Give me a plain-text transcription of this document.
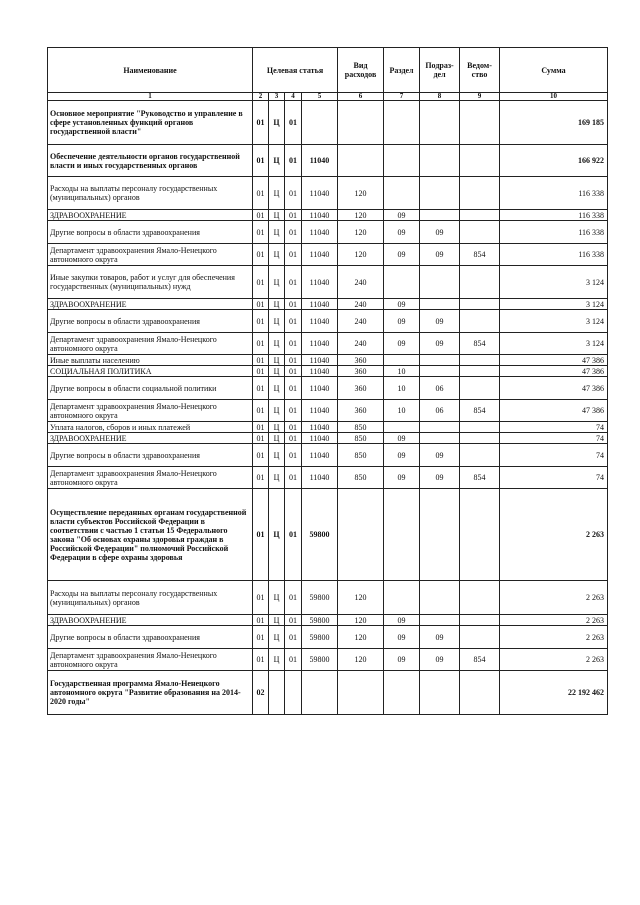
Наименование	Целевая статья				Вид расходов	Раздел	Подраз-дел	Ведом-ство	Сумма
1	2	3	4	5	6	7	8	9	10
Основное мероприятие "Руководство и управление в сфере установленных функций органов государственной власти"	01	Ц	01						169 185
Обеспечение деятельности органов государственной власти и иных государственных органов	01	Ц	01	11040					166 922
Расходы на выплаты персоналу государственных (муниципальных) органов	01	Ц	01	11040	120				116 338
ЗДРАВООХРАНЕНИЕ	01	Ц	01	11040	120	09			116 338
Другие вопросы в области здравоохранения	01	Ц	01	11040	120	09	09		116 338
Департамент здравоохранения Ямало-Ненецкого автономного округа	01	Ц	01	11040	120	09	09	854	116 338
Иные закупки товаров, работ и услуг для обеспечения государственных (муниципальных) нужд	01	Ц	01	11040	240				3 124
ЗДРАВООХРАНЕНИЕ	01	Ц	01	11040	240	09			3 124
Другие вопросы в области здравоохранения	01	Ц	01	11040	240	09	09		3 124
Департамент здравоохранения Ямало-Ненецкого автономного округа	01	Ц	01	11040	240	09	09	854	3 124
Иные выплаты населению	01	Ц	01	11040	360				47 386
СОЦИАЛЬНАЯ ПОЛИТИКА	01	Ц	01	11040	360	10			47 386
Другие вопросы в области социальной политики	01	Ц	01	11040	360	10	06		47 386
Департамент здравоохранения Ямало-Ненецкого автономного округа	01	Ц	01	11040	360	10	06	854	47 386
Уплата налогов, сборов и иных платежей	01	Ц	01	11040	850				74
ЗДРАВООХРАНЕНИЕ	01	Ц	01	11040	850	09			74
Другие вопросы в области здравоохранения	01	Ц	01	11040	850	09	09		74
Департамент здравоохранения Ямало-Ненецкого автономного округа	01	Ц	01	11040	850	09	09	854	74
Осуществление переданных органам государственной власти субъектов Российской Федерации в соответствии с частью 1 статьи 15 Федерального закона "Об основах охраны здоровья граждан в Российской Федерации" полномочий Российской Федерации в сфере охраны здоровья	01	Ц	01	59800					2 263
Расходы на выплаты персоналу государственных (муниципальных) органов	01	Ц	01	59800	120				2 263
ЗДРАВООХРАНЕНИЕ	01	Ц	01	59800	120	09			2 263
Другие вопросы в области здравоохранения	01	Ц	01	59800	120	09	09		2 263
Департамент здравоохранения Ямало-Ненецкого автономного округа	01	Ц	01	59800	120	09	09	854	2 263
Государственная программа Ямало-Ненецкого автономного округа "Развитие образования на 2014-2020 годы"	02								22 192 462
